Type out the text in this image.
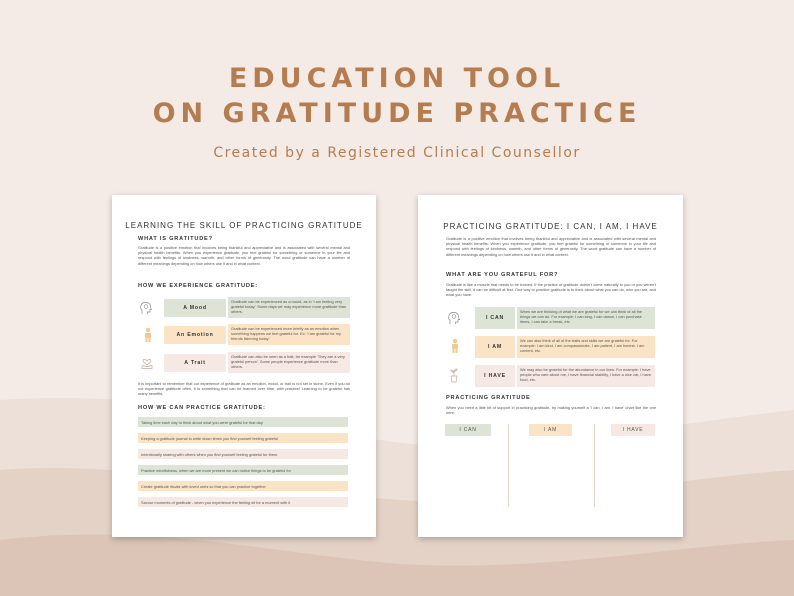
EDUCATION TOOL
ON GRATITUDE PRACTICE
Created by a Registered Clinical Counsellor
LEARNING THE SKILL OF PRACTICING GRATITUDE
WHAT IS GRATITUDE?
Gratitude is a positive emotion that involves being thankful and appreciative and is associated with several mental and physical health benefits. When you experience gratitude, you feel grateful for something or someone in your life and respond with feelings of kindness, warmth, and other forms of generosity. The word gratitude can have a number of different meanings depending on how others use it and in what context.
HOW WE EXPERIENCE GRATITUDE:
A Mood
Gratitude can be experienced as a mood, as in 'I am feeling very grateful today.' Some days we may experience more gratitude than others.
An Emotion
Gratitude can be experienced more briefly as an emotion when something happens we feel grateful for. Ex: 'I am grateful for my friends listening today.'
A Trait
Gratitude can also be seen as a trait, for example 'They are a very grateful person'. Some people experience gratitude more than others.
It is important to remember that our experience of gratitude as an emotion, mood, or trait is not set in stone. Even if you do not experience gratitude often, it is something that can be learned over time, with practice! Learning to be grateful has many benefits.
HOW WE CAN PRACTICE GRATITUDE:
Taking time each day to think about what you were grateful for that day
Keeping a gratitude journal to write down times you find yourself feeling grateful
Intentionally sharing with others when you find yourself feeling grateful for them.
Practice mindfulness, when we are more present we can notice things to be grateful for
Create gratitude rituals with loved ones so that you can practice together
Savour moments of gratitude - when you experience the feeling sit for a moment with it
PRACTICING GRATITUDE: I CAN, I AM, I HAVE
Gratitude is a positive emotion that involves being thankful and appreciative and is associated with several mental and physical health benefits. When you experience gratitude, you feel grateful for something or someone in your life and respond with feelings of kindness, warmth, and other forms of generosity. The word gratitude can have a number of different meanings depending on how others use it and in what context.
WHAT ARE YOU GRATEFUL FOR?
Gratitude is like a muscle that needs to be trained. If the practice of gratitude doesn't come naturally to you or you weren't taught the skill, it can be difficult at first. One way to practice gratitude is to think about what you can do, who you are, and what you have.
I CAN
When we are thinking of what we are grateful for we can think of all the things we can do. For example: I can sing, I can dance, I can purchase items, I can take a break, etc.
I AM
We can also think of all of the traits and skills we are grateful for. For example: I am kind, I am compassionate, I am patient, I am honest, I am content, etc.
I HAVE
We may also be grateful for the abundance in our lives. For example: I have people who care about me, I have financial stability, I have a nice car, I have food, etc.
PRACTICING GRATITUDE
When you need a little bit of support in practicing gratitude, try making yourself a 'I can, I am, I have' chart like the one here:
I CAN	I AM	I HAVE
